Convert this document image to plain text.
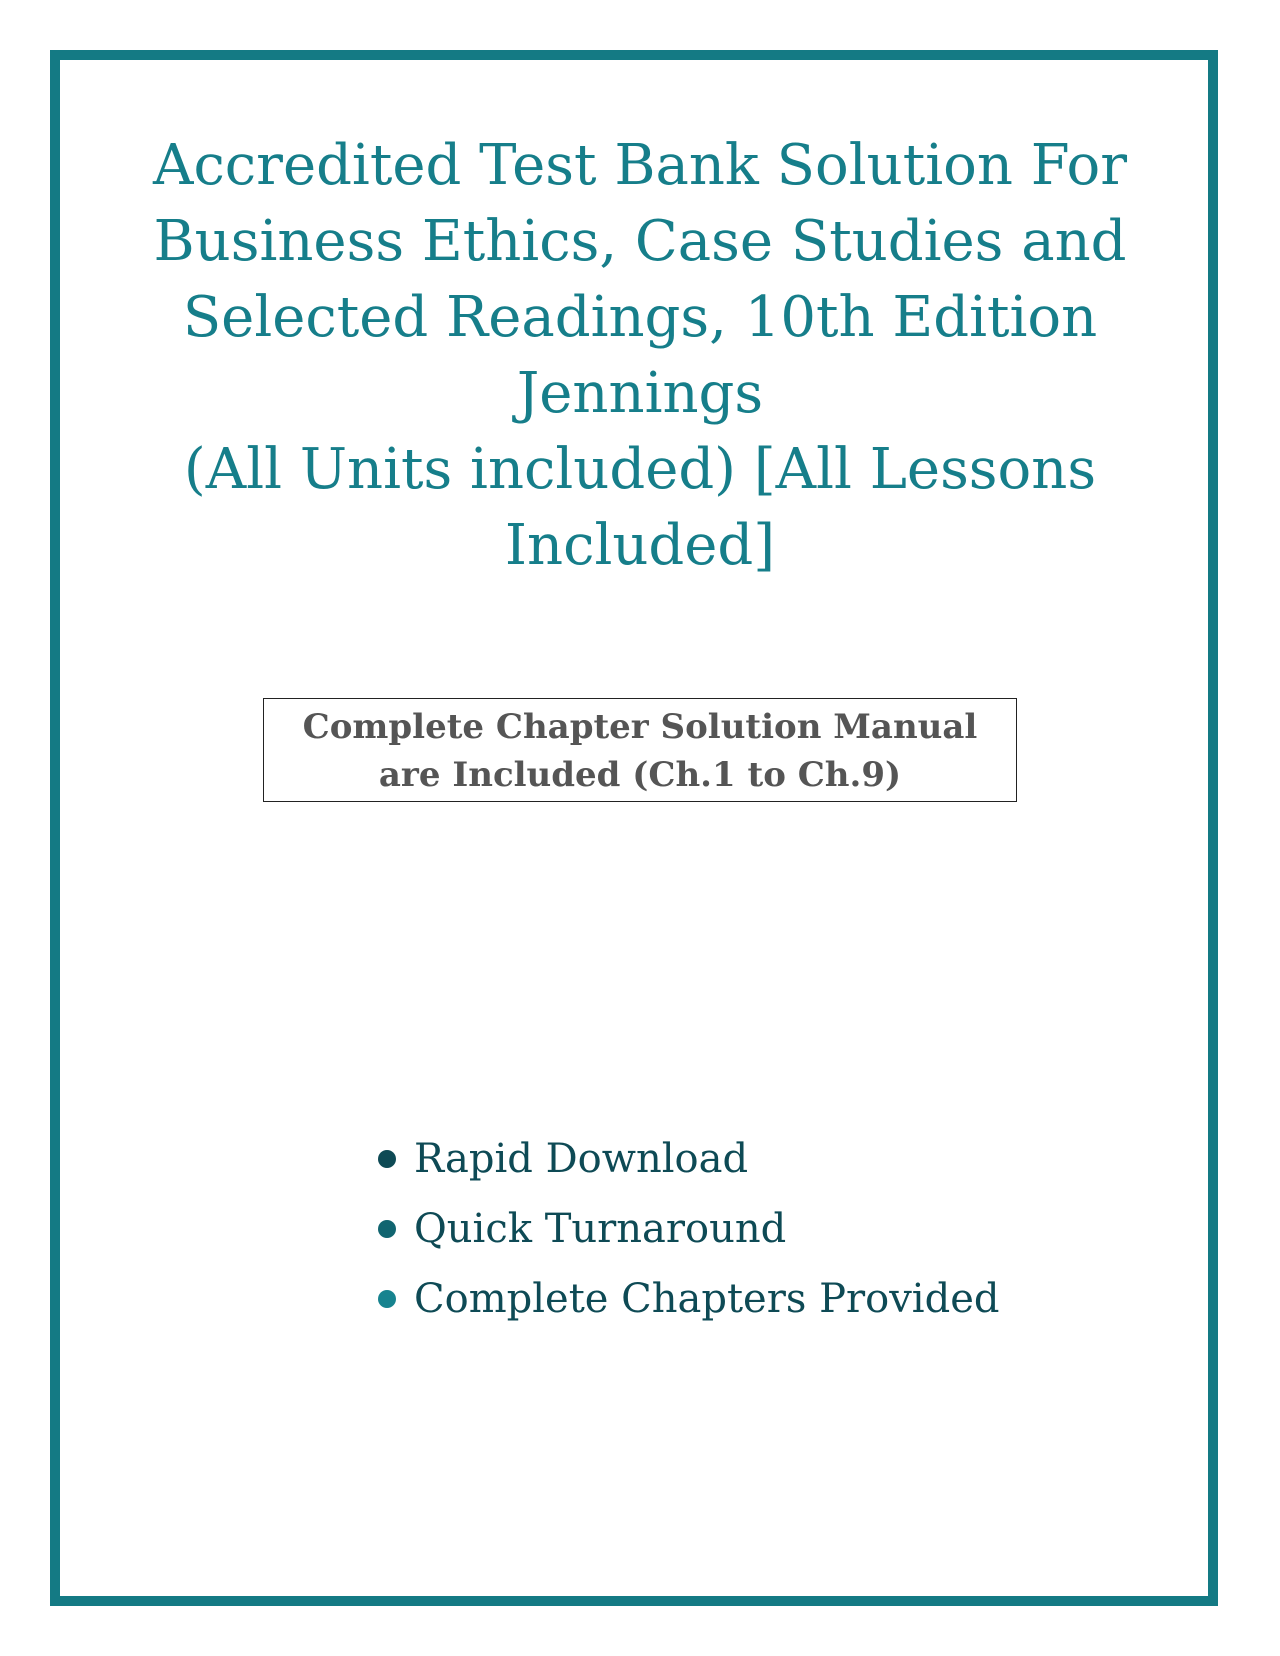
Accredited Test Bank Solution For
Business Ethics, Case Studies and
Selected Readings, 10th Edition Jennings
(All Units included) [All Lessons
Included]
Complete Chapter Solution Manual
are Included (Ch.1 to Ch.9)
Rapid Download
Quick Turnaround
Complete Chapters Provided
